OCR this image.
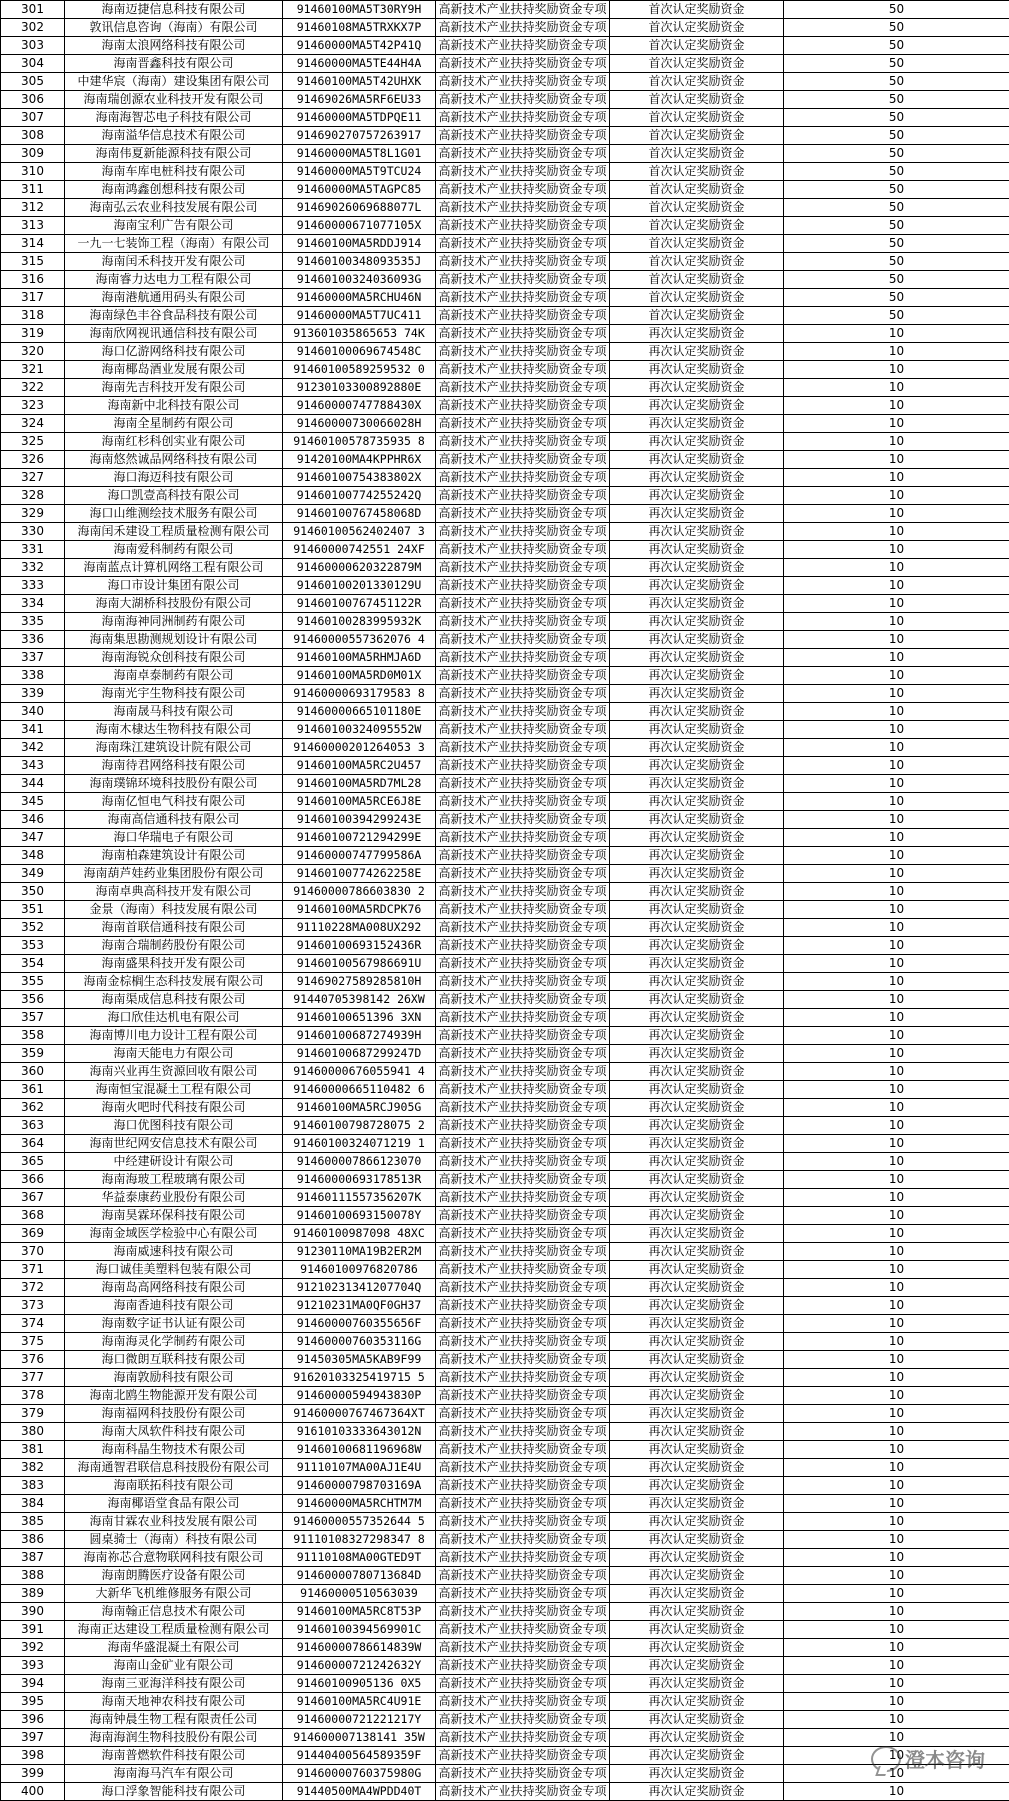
301	海南迈捷信息科技有限公司	91460100MA5T30RY9H	高新技术产业扶持奖励资金专项	首次认定奖励资金	50
302	敦讯信息咨询（海南）有限公司	91460108MA5TRXKX7P	高新技术产业扶持奖励资金专项	首次认定奖励资金	50
303	海南太浪网络科技有限公司	91460000MA5T42P41Q	高新技术产业扶持奖励资金专项	首次认定奖励资金	50
304	海南晋鑫科技有限公司	91460000MA5TE44H4A	高新技术产业扶持奖励资金专项	首次认定奖励资金	50
305	中建华宸（海南）建设集团有限公司	91460100MA5T42UHXK	高新技术产业扶持奖励资金专项	首次认定奖励资金	50
306	海南瑞创源农业科技开发有限公司	91469026MA5RF6EU33	高新技术产业扶持奖励资金专项	首次认定奖励资金	50
307	海南海智芯电子科技有限公司	91460000MA5TDPQE11	高新技术产业扶持奖励资金专项	首次认定奖励资金	50
308	海南溢华信息技术有限公司	914690270757263917	高新技术产业扶持奖励资金专项	首次认定奖励资金	50
309	海南伟夏新能源科技有限公司	91460000MA5T8L1G01	高新技术产业扶持奖励资金专项	首次认定奖励资金	50
310	海南车库电桩科技有限公司	91460000MA5T9TCU24	高新技术产业扶持奖励资金专项	首次认定奖励资金	50
311	海南鸿鑫创想科技有限公司	91460000MA5TAGPC85	高新技术产业扶持奖励资金专项	首次认定奖励资金	50
312	海南弘云农业科技发展有限公司	91469026069688077L	高新技术产业扶持奖励资金专项	首次认定奖励资金	50
313	海南宝利广告有限公司	91460000671077105X	高新技术产业扶持奖励资金专项	首次认定奖励资金	50
314	一九一七装饰工程（海南）有限公司	91460100MA5RDDJ914	高新技术产业扶持奖励资金专项	首次认定奖励资金	50
315	海南闰禾科技开发有限公司	91460100348093535J	高新技术产业扶持奖励资金专项	首次认定奖励资金	50
316	海南睿力达电力工程有限公司	91460100324036093G	高新技术产业扶持奖励资金专项	首次认定奖励资金	50
317	海南港航通用码头有限公司	91460000MA5RCHU46N	高新技术产业扶持奖励资金专项	首次认定奖励资金	50
318	海南绿色丰谷食品科技有限公司	91460000MA5T7UC411	高新技术产业扶持奖励资金专项	首次认定奖励资金	50
319	海南欣网视讯通信科技有限公司	913601035865653 74K	高新技术产业扶持奖励资金专项	再次认定奖励资金	10
320	海口亿游网络科技有限公司	91460100069674548C	高新技术产业扶持奖励资金专项	再次认定奖励资金	10
321	海南椰岛酒业发展有限公司	91460100589259532 0	高新技术产业扶持奖励资金专项	再次认定奖励资金	10
322	海南先吉科技开发有限公司	91230103300892880E	高新技术产业扶持奖励资金专项	再次认定奖励资金	10
323	海南新中北科技有限公司	91460000747788430X	高新技术产业扶持奖励资金专项	再次认定奖励资金	10
324	海南全星制药有限公司	91460000730066028H	高新技术产业扶持奖励资金专项	再次认定奖励资金	10
325	海南红杉科创实业有限公司	91460100578735935 8	高新技术产业扶持奖励资金专项	再次认定奖励资金	10
326	海南悠然诚品网络科技有限公司	91420100MA4KPPHR6X	高新技术产业扶持奖励资金专项	再次认定奖励资金	10
327	海口海迈科技有限公司	91460100754383802X	高新技术产业扶持奖励资金专项	再次认定奖励资金	10
328	海口凯壹高科技有限公司	91460100774255242Q	高新技术产业扶持奖励资金专项	再次认定奖励资金	10
329	海口山维测绘技术服务有限公司	91460100767458068D	高新技术产业扶持奖励资金专项	再次认定奖励资金	10
330	海南闰禾建设工程质量检测有限公司	91460100562402407 3	高新技术产业扶持奖励资金专项	再次认定奖励资金	10
331	海南爱科制药有限公司	91460000742551 24XF	高新技术产业扶持奖励资金专项	再次认定奖励资金	10
332	海南蓝点计算机网络工程有限公司	91460000620322879M	高新技术产业扶持奖励资金专项	再次认定奖励资金	10
333	海口市设计集团有限公司	91460100201330129U	高新技术产业扶持奖励资金专项	再次认定奖励资金	10
334	海南大湖桥科技股份有限公司	91460100767451122R	高新技术产业扶持奖励资金专项	再次认定奖励资金	10
335	海南海神同洲制药有限公司	91460100283995932K	高新技术产业扶持奖励资金专项	再次认定奖励资金	10
336	海南集思勘测规划设计有限公司	91460000557362076 4	高新技术产业扶持奖励资金专项	再次认定奖励资金	10
337	海南海锐众创科技有限公司	91460100MA5RHMJA6D	高新技术产业扶持奖励资金专项	再次认定奖励资金	10
338	海南卓泰制药有限公司	91460100MA5RD0M01X	高新技术产业扶持奖励资金专项	再次认定奖励资金	10
339	海南光宇生物科技有限公司	91460000693179583 8	高新技术产业扶持奖励资金专项	再次认定奖励资金	10
340	海南晟马科技有限公司	91460000665101180E	高新技术产业扶持奖励资金专项	再次认定奖励资金	10
341	海南木棣达生物科技有限公司	91460100324095552W	高新技术产业扶持奖励资金专项	再次认定奖励资金	10
342	海南珠江建筑设计院有限公司	91460000201264053 3	高新技术产业扶持奖励资金专项	再次认定奖励资金	10
343	海南待君网络科技有限公司	91460100MA5RC2U457	高新技术产业扶持奖励资金专项	再次认定奖励资金	10
344	海南璞锦环境科技股份有限公司	91460100MA5RD7ML28	高新技术产业扶持奖励资金专项	再次认定奖励资金	10
345	海南亿恒电气科技有限公司	91460100MA5RCE6J8E	高新技术产业扶持奖励资金专项	再次认定奖励资金	10
346	海南高信通科技有限公司	91460100394299243E	高新技术产业扶持奖励资金专项	再次认定奖励资金	10
347	海口华瑞电子有限公司	91460100721294299E	高新技术产业扶持奖励资金专项	再次认定奖励资金	10
348	海南柏森建筑设计有限公司	91460000747799586A	高新技术产业扶持奖励资金专项	再次认定奖励资金	10
349	海南葫芦娃药业集团股份有限公司	91460100774262258E	高新技术产业扶持奖励资金专项	再次认定奖励资金	10
350	海南卓典高科技开发有限公司	91460000786603830 2	高新技术产业扶持奖励资金专项	再次认定奖励资金	10
351	金景（海南）科技发展有限公司	91460100MA5RDCPK76	高新技术产业扶持奖励资金专项	再次认定奖励资金	10
352	海南首联信通科技有限公司	91110228MA008UX292	高新技术产业扶持奖励资金专项	再次认定奖励资金	10
353	海南合瑞制药股份有限公司	91460100693152436R	高新技术产业扶持奖励资金专项	再次认定奖励资金	10
354	海南盛果科技开发有限公司	91460100567986691U	高新技术产业扶持奖励资金专项	再次认定奖励资金	10
355	海南金棕榈生态科技发展有限公司	91469027589285810H	高新技术产业扶持奖励资金专项	再次认定奖励资金	10
356	海南渠成信息科技有限公司	91440705398142 26XW	高新技术产业扶持奖励资金专项	再次认定奖励资金	10
357	海口欣佳达机电有限公司	91460100651396 3XN	高新技术产业扶持奖励资金专项	再次认定奖励资金	10
358	海南博川电力设计工程有限公司	91460100687274939H	高新技术产业扶持奖励资金专项	再次认定奖励资金	10
359	海南天能电力有限公司	91460100687299247D	高新技术产业扶持奖励资金专项	再次认定奖励资金	10
360	海南兴业再生资源回收有限公司	91460000676055941 4	高新技术产业扶持奖励资金专项	再次认定奖励资金	10
361	海南恒宝混凝土工程有限公司	91460000665110482 6	高新技术产业扶持奖励资金专项	再次认定奖励资金	10
362	海南火吧时代科技有限公司	91460100MA5RCJ905G	高新技术产业扶持奖励资金专项	再次认定奖励资金	10
363	海口优图科技有限公司	91460100798728075 2	高新技术产业扶持奖励资金专项	再次认定奖励资金	10
364	海南世纪网安信息技术有限公司	91460100324071219 1	高新技术产业扶持奖励资金专项	再次认定奖励资金	10
365	中经建研设计有限公司	914600007866123070	高新技术产业扶持奖励资金专项	再次认定奖励资金	10
366	海南海玻工程玻璃有限公司	91460000693178513R	高新技术产业扶持奖励资金专项	再次认定奖励资金	10
367	华益泰康药业股份有限公司	91460111557356207K	高新技术产业扶持奖励资金专项	再次认定奖励资金	10
368	海南昊霖环保科技有限公司	91460100693150078Y	高新技术产业扶持奖励资金专项	再次认定奖励资金	10
369	海南金域医学检验中心有限公司	91460100987098 48XC	高新技术产业扶持奖励资金专项	再次认定奖励资金	10
370	海南威速科技有限公司	91230110MA19B2ER2M	高新技术产业扶持奖励资金专项	再次认定奖励资金	10
371	海口诚佳美塑料包装有限公司	91460100976820786	高新技术产业扶持奖励资金专项	再次认定奖励资金	10
372	海南岛高网络科技有限公司	91210231341207704Q	高新技术产业扶持奖励资金专项	再次认定奖励资金	10
373	海南香迪科技有限公司	91210231MA0QF0GH37	高新技术产业扶持奖励资金专项	再次认定奖励资金	10
374	海南数字证书认证有限公司	91460000760355656F	高新技术产业扶持奖励资金专项	再次认定奖励资金	10
375	海南海灵化学制药有限公司	91460000760353116G	高新技术产业扶持奖励资金专项	再次认定奖励资金	10
376	海口微朗互联科技有限公司	91450305MA5KAB9F99	高新技术产业扶持奖励资金专项	再次认定奖励资金	10
377	海南敦励科技有限公司	91620103325419715 5	高新技术产业扶持奖励资金专项	再次认定奖励资金	10
378	海南北鸥生物能源开发有限公司	91460000594943830P	高新技术产业扶持奖励资金专项	再次认定奖励资金	10
379	海南福网科技股份有限公司	91460000767467364XT	高新技术产业扶持奖励资金专项	再次认定奖励资金	10
380	海南大凤软件科技有限公司	91610103333643012N	高新技术产业扶持奖励资金专项	再次认定奖励资金	10
381	海南科晶生物技术有限公司	91460100681196968W	高新技术产业扶持奖励资金专项	再次认定奖励资金	10
382	海南通智君联信息科技股份有限公司	91110107MA00AJ1E4U	高新技术产业扶持奖励资金专项	再次认定奖励资金	10
383	海南联拓科技有限公司	91460000798703169A	高新技术产业扶持奖励资金专项	再次认定奖励资金	10
384	海南椰语堂食品有限公司	91460000MA5RCHTM7M	高新技术产业扶持奖励资金专项	再次认定奖励资金	10
385	海南甘霖农业科技发展有限公司	91460000557352644 5	高新技术产业扶持奖励资金专项	再次认定奖励资金	10
386	圆桌骑士（海南）科技有限公司	91110108327298347 8	高新技术产业扶持奖励资金专项	再次认定奖励资金	10
387	海南祢芯合意物联网科技有限公司	91110108MA00GTED9T	高新技术产业扶持奖励资金专项	再次认定奖励资金	10
388	海南朗腾医疗设备有限公司	91460000780713684D	高新技术产业扶持奖励资金专项	再次认定奖励资金	10
389	大新华飞机维修服务有限公司	91460000510563039	高新技术产业扶持奖励资金专项	再次认定奖励资金	10
390	海南翰正信息技术有限公司	91460100MA5RC8T53P	高新技术产业扶持奖励资金专项	再次认定奖励资金	10
391	海南正达建设工程质量检测有限公司	91460100394569901C	高新技术产业扶持奖励资金专项	再次认定奖励资金	10
392	海南华盛混凝土有限公司	91460000786614839W	高新技术产业扶持奖励资金专项	再次认定奖励资金	10
393	海南山金矿业有限公司	91460000721242632Y	高新技术产业扶持奖励资金专项	再次认定奖励资金	10
394	海南三亚海洋科技有限公司	91460100905136 0X5	高新技术产业扶持奖励资金专项	再次认定奖励资金	10
395	海南天地神农科技有限公司	91460100MA5RC4U91E	高新技术产业扶持奖励资金专项	再次认定奖励资金	10
396	海南钟晨生物工程有限责任公司	91460000721221217Y	高新技术产业扶持奖励资金专项	再次认定奖励资金	10
397	海南海润生物科技股份有限公司	914600007138141 35W	高新技术产业扶持奖励资金专项	再次认定奖励资金	10
398	海南普燃软件科技有限公司	91440400564589359F	高新技术产业扶持奖励资金专项	再次认定奖励资金	10
399	海南海马汽车有限公司	91460000760375980G	高新技术产业扶持奖励资金专项	再次认定奖励资金	10
400	海口浮象智能科技有限公司	91440500MA4WPDD40T	高新技术产业扶持奖励资金专项	再次认定奖励资金	10
澄本咨询
